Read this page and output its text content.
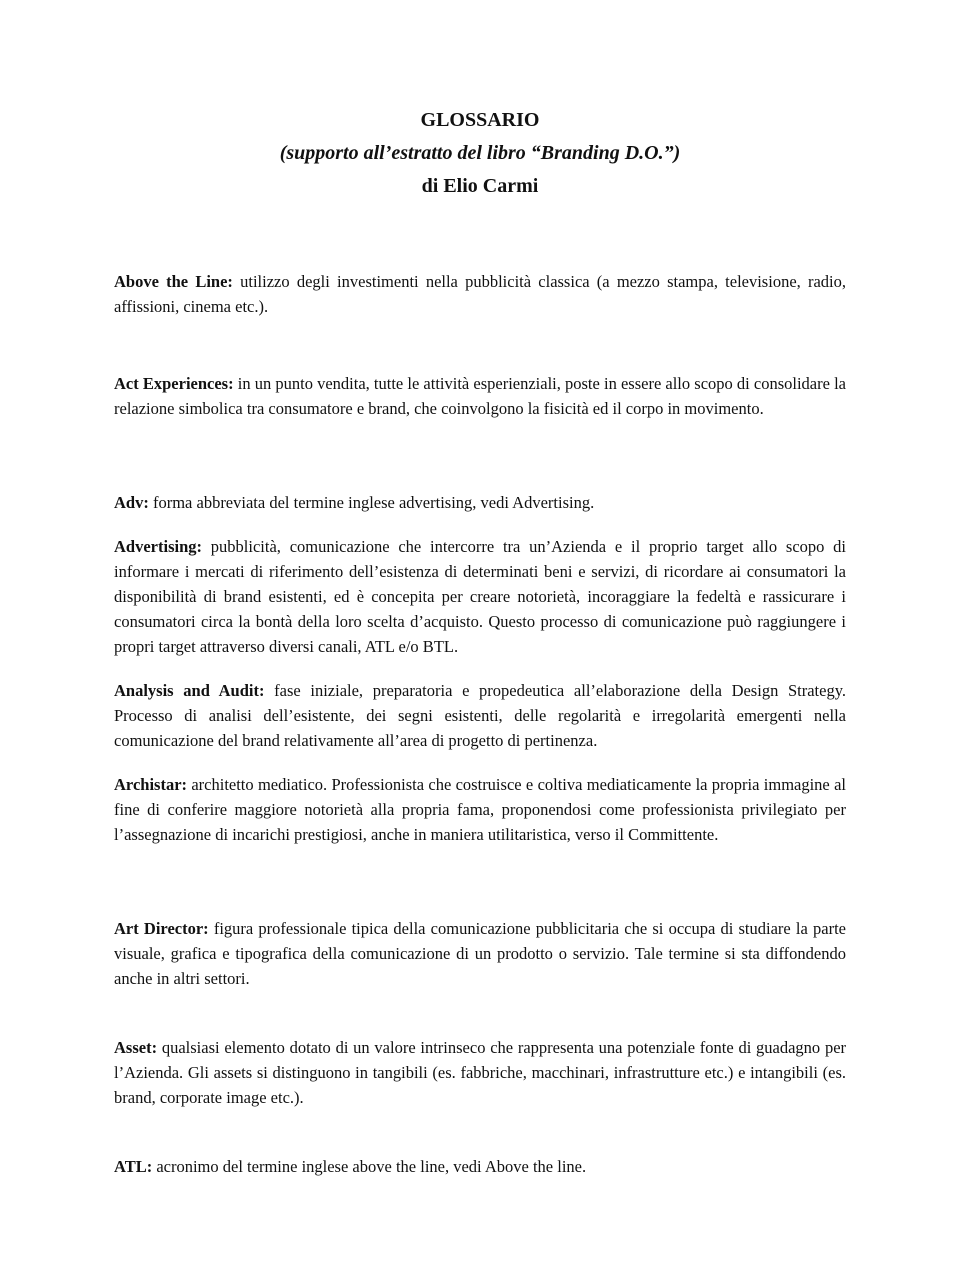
GLOSSARIO
(supporto all’estratto del libro “Branding D.O.”)
di Elio Carmi

Above the Line: utilizzo degli investimenti nella pubblicità classica (a mezzo stampa, televisione, radio, affissioni, cinema etc.).

Act Experiences: in un punto vendita, tutte le attività esperienziali, poste in essere allo scopo di consolidare la relazione simbolica tra consumatore e brand, che coinvolgono la fisicità ed il corpo in movimento.

Adv: forma abbreviata del termine inglese advertising, vedi Advertising.

Advertising: pubblicità, comunicazione che intercorre tra un’Azienda e il proprio target allo scopo di informare i mercati di riferimento dell’esistenza di determinati beni e servizi, di ricordare ai consumatori la disponibilità di brand esistenti, ed è concepita per creare notorietà, incoraggiare la fedeltà e rassicurare i consumatori circa la bontà della loro scelta d’acquisto. Questo processo di comunicazione può raggiungere i propri target attraverso diversi canali, ATL e/o BTL.

Analysis and Audit: fase iniziale, preparatoria e propedeutica all’elaborazione della Design Strategy. Processo di analisi dell’esistente, dei segni esistenti, delle regolarità e irregolarità emergenti nella comunicazione del brand relativamente all’area di progetto di pertinenza.

Archistar: architetto mediatico. Professionista che costruisce e coltiva mediaticamente la propria immagine al fine di conferire maggiore notorietà alla propria fama, proponendosi come professionista privilegiato per l’assegnazione di incarichi prestigiosi, anche in maniera utilitaristica, verso il Committente.

Art Director: figura professionale tipica della comunicazione pubblicitaria che si occupa di studiare la parte visuale, grafica e tipografica della comunicazione di un prodotto o servizio. Tale termine si sta diffondendo anche in altri settori.

Asset: qualsiasi elemento dotato di un valore intrinseco che rappresenta una potenziale fonte di guadagno per l’Azienda. Gli assets si distinguono in tangibili (es. fabbriche, macchinari, infrastrutture etc.) e intangibili (es. brand, corporate image etc.).

ATL: acronimo del termine inglese above the line, vedi Above the line.
